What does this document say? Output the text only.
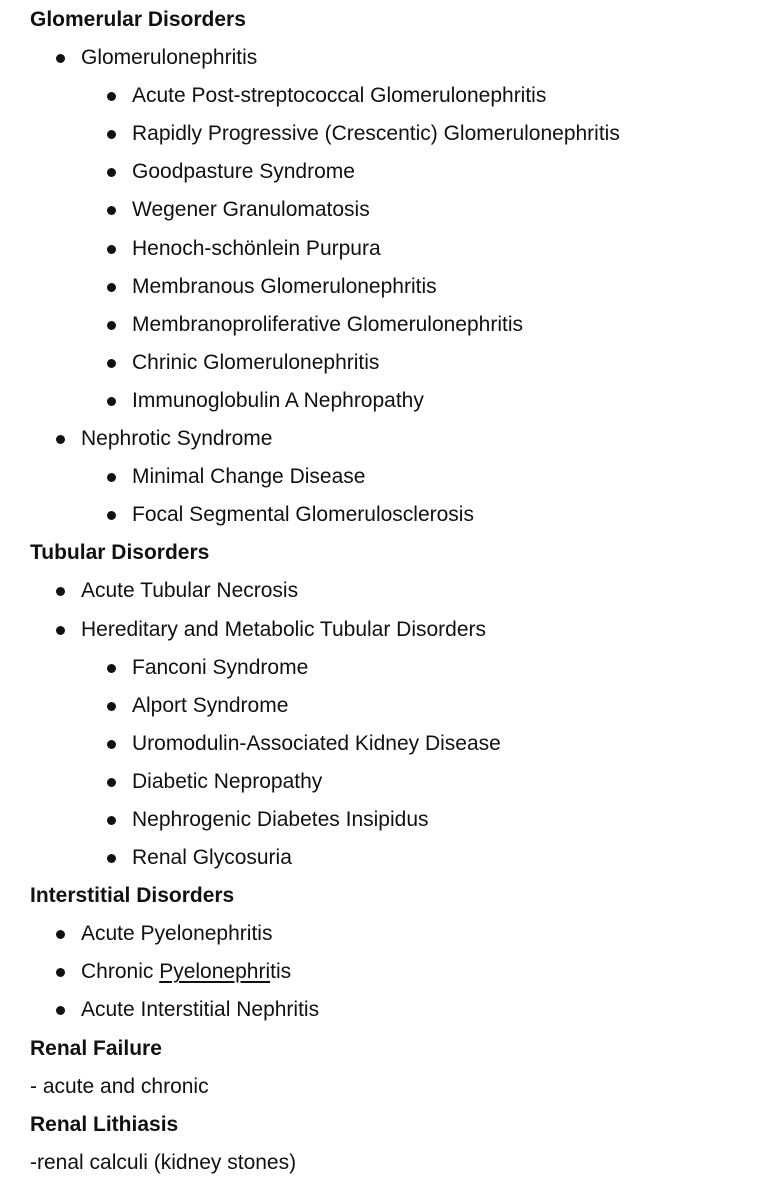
Glomerular Disorders
Glomerulonephritis
Acute Post-streptococcal Glomerulonephritis
Rapidly Progressive (Crescentic) Glomerulonephritis
Goodpasture Syndrome
Wegener Granulomatosis
Henoch-schönlein Purpura
Membranous Glomerulonephritis
Membranoproliferative Glomerulonephritis
Chrinic Glomerulonephritis
Immunoglobulin A Nephropathy
Nephrotic Syndrome
Minimal Change Disease
Focal Segmental Glomerulosclerosis
Tubular Disorders
Acute Tubular Necrosis
Hereditary and Metabolic Tubular Disorders
Fanconi Syndrome
Alport Syndrome
Uromodulin-Associated Kidney Disease
Diabetic Nepropathy
Nephrogenic Diabetes Insipidus
Renal Glycosuria
Interstitial Disorders
Acute Pyelonephritis
Chronic Pyelonephritis
Acute Interstitial Nephritis
Renal Failure
- acute and chronic
Renal Lithiasis
-renal calculi (kidney stones)
